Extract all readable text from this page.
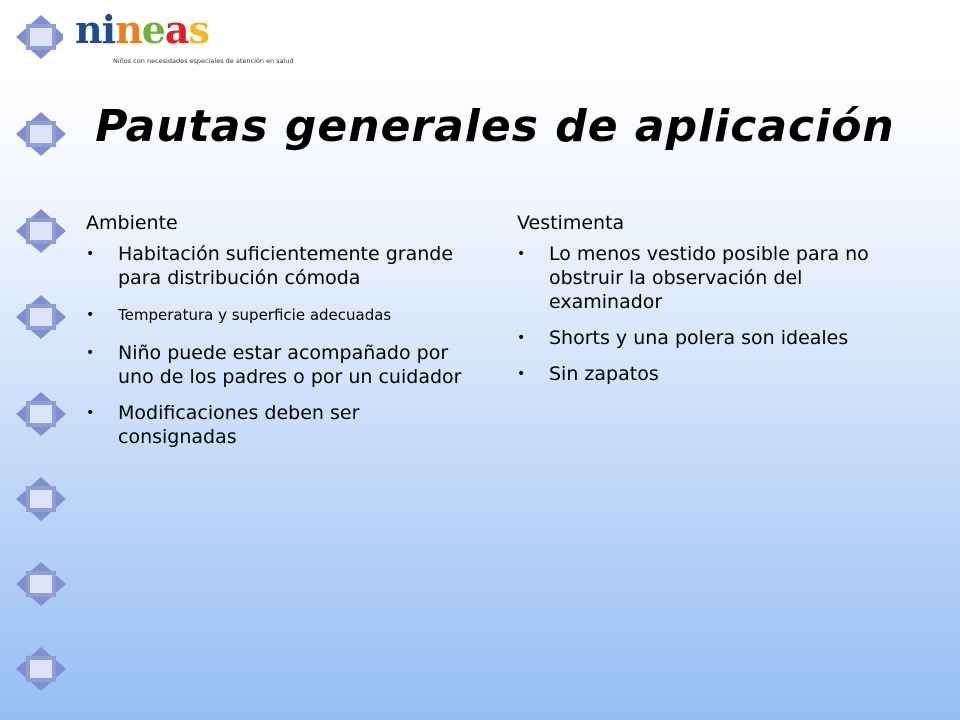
nineas
Niños con necesidades especiales de atención en salud
Pautas generales de aplicación
Ambiente
• Habitación suficientemente grande para distribución cómoda
• Temperatura y superficie adecuadas
• Niño puede estar acompañado por uno de los padres o por un cuidador
• Modificaciones deben ser consignadas
Vestimenta
• Lo menos vestido posible para no obstruir la observación del examinador
• Shorts y una polera son ideales
• Sin zapatos
